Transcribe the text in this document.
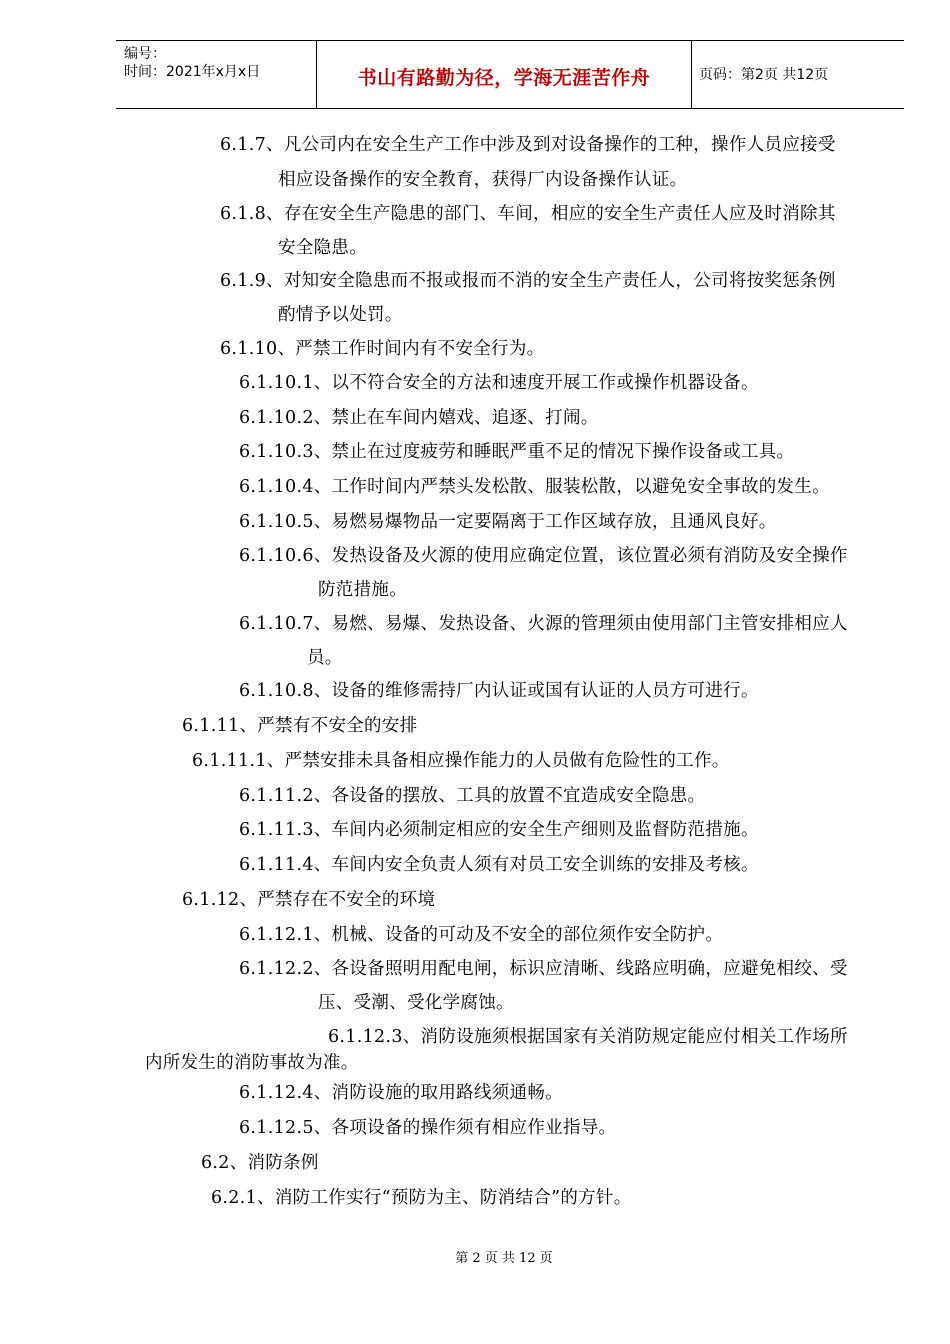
编号：
时间：2021年x月x日	书山有路勤为径，学海无涯苦作舟	页码：第2页 共12页
6.1.7、凡公司内在安全生产工作中涉及到对设备操作的工种，操作人员应接受
相应设备操作的安全教育，获得厂内设备操作认证。
6.1.8、存在安全生产隐患的部门、车间，相应的安全生产责任人应及时消除其
安全隐患。
6.1.9、对知安全隐患而不报或报而不消的安全生产责任人，公司将按奖惩条例
酌情予以处罚。
6.1.10、严禁工作时间内有不安全行为。
6.1.10.1、以不符合安全的方法和速度开展工作或操作机器设备。
6.1.10.2、禁止在车间内嬉戏、追逐、打闹。
6.1.10.3、禁止在过度疲劳和睡眠严重不足的情况下操作设备或工具。
6.1.10.4、工作时间内严禁头发松散、服装松散，以避免安全事故的发生。
6.1.10.5、易燃易爆物品一定要隔离于工作区域存放，且通风良好。
6.1.10.6、发热设备及火源的使用应确定位置，该位置必须有消防及安全操作
防范措施。
6.1.10.7、易燃、易爆、发热设备、火源的管理须由使用部门主管安排相应人
员。
6.1.10.8、设备的维修需持厂内认证或国有认证的人员方可进行。
6.1.11、严禁有不安全的安排
6.1.11.1、严禁安排未具备相应操作能力的人员做有危险性的工作。
6.1.11.2、各设备的摆放、工具的放置不宜造成安全隐患。
6.1.11.3、车间内必须制定相应的安全生产细则及监督防范措施。
6.1.11.4、车间内安全负责人须有对员工安全训练的安排及考核。
6.1.12、严禁存在不安全的环境
6.1.12.1、机械、设备的可动及不安全的部位须作安全防护。
6.1.12.2、各设备照明用配电闸，标识应清晰、线路应明确，应避免相绞、受
压、受潮、受化学腐蚀。
6.1.12.3、消防设施须根据国家有关消防规定能应付相关工作场所
内所发生的消防事故为准。
6.1.12.4、消防设施的取用路线须通畅。
6.1.12.5、各项设备的操作须有相应作业指导。
6.2、消防条例
6.2.1、消防工作实行“预防为主、防消结合”的方针。
第 2 页 共 12 页
